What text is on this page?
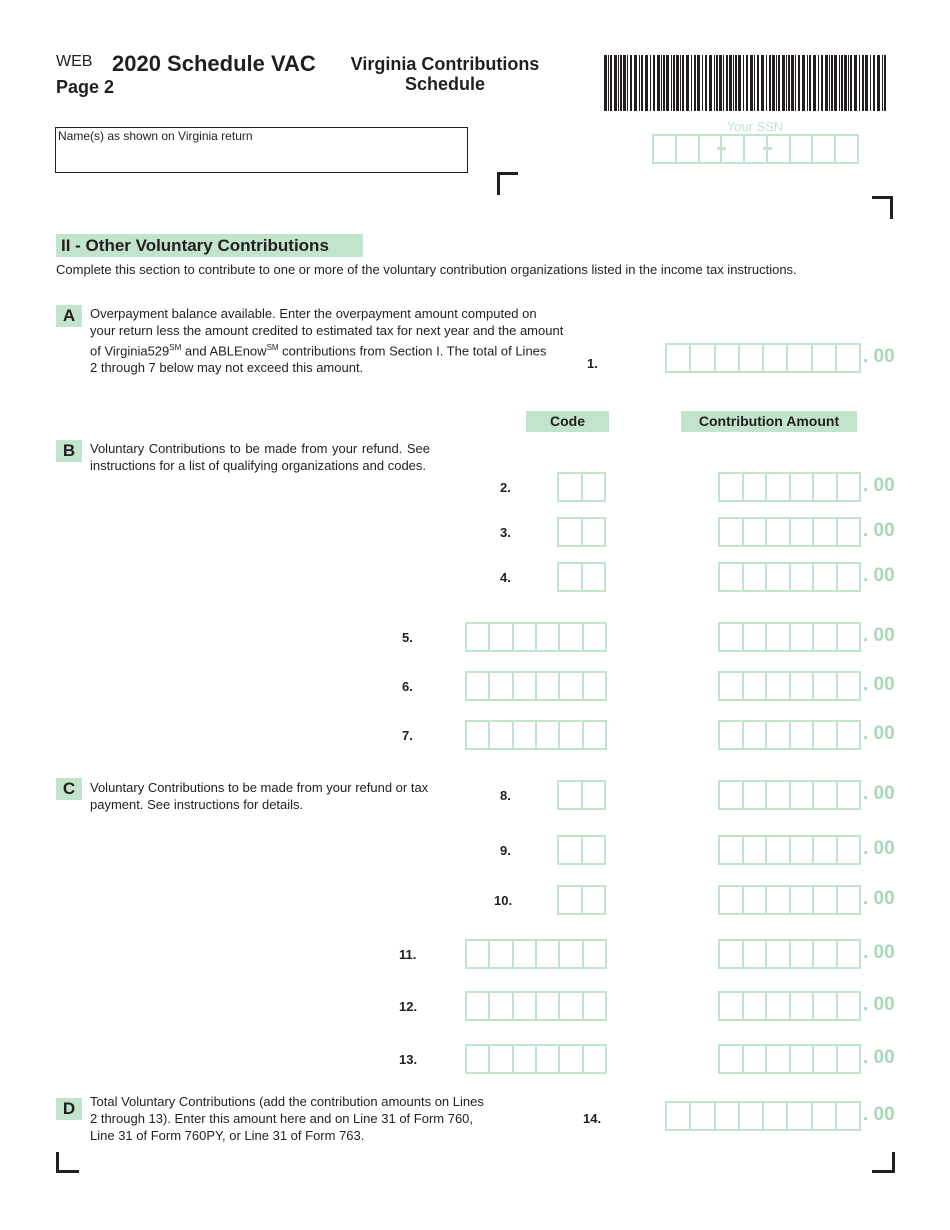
WEB 2020 Schedule VAC
Page 2
Virginia Contributions
Schedule
Name(s) as shown on Virginia return
Your SSN
II - Other Voluntary Contributions
Complete this section to contribute to one or more of the voluntary contribution organizations listed in the income tax instructions.
A	Overpayment balance available. Enter the overpayment amount computed on
your return less the amount credited to estimated tax for next year and the amount
of Virginia529℠ and ABLEnow℠ contributions from Section I. The total of Lines
2 through 7 below may not exceed this amount.	1.	. 00
Code	Contribution Amount
B	Voluntary Contributions to be made from your refund. See instructions for a list of qualifying organizations and codes.
C	Voluntary Contributions to be made from your refund or tax payment. See instructions for details.
D	Total Voluntary Contributions (add the contribution amounts on Lines
2 through 13). Enter this amount here and on Line 31 of Form 760,
Line 31 of Form 760PY, or Line 31 of Form 763.
14.	. 00
2.	. 00
3.	. 00
4.	. 00
5.	. 00
6.	. 00
7.	. 00
8.	. 00
9.	. 00
10.	. 00
11.	. 00
12.	. 00
13.	. 00
